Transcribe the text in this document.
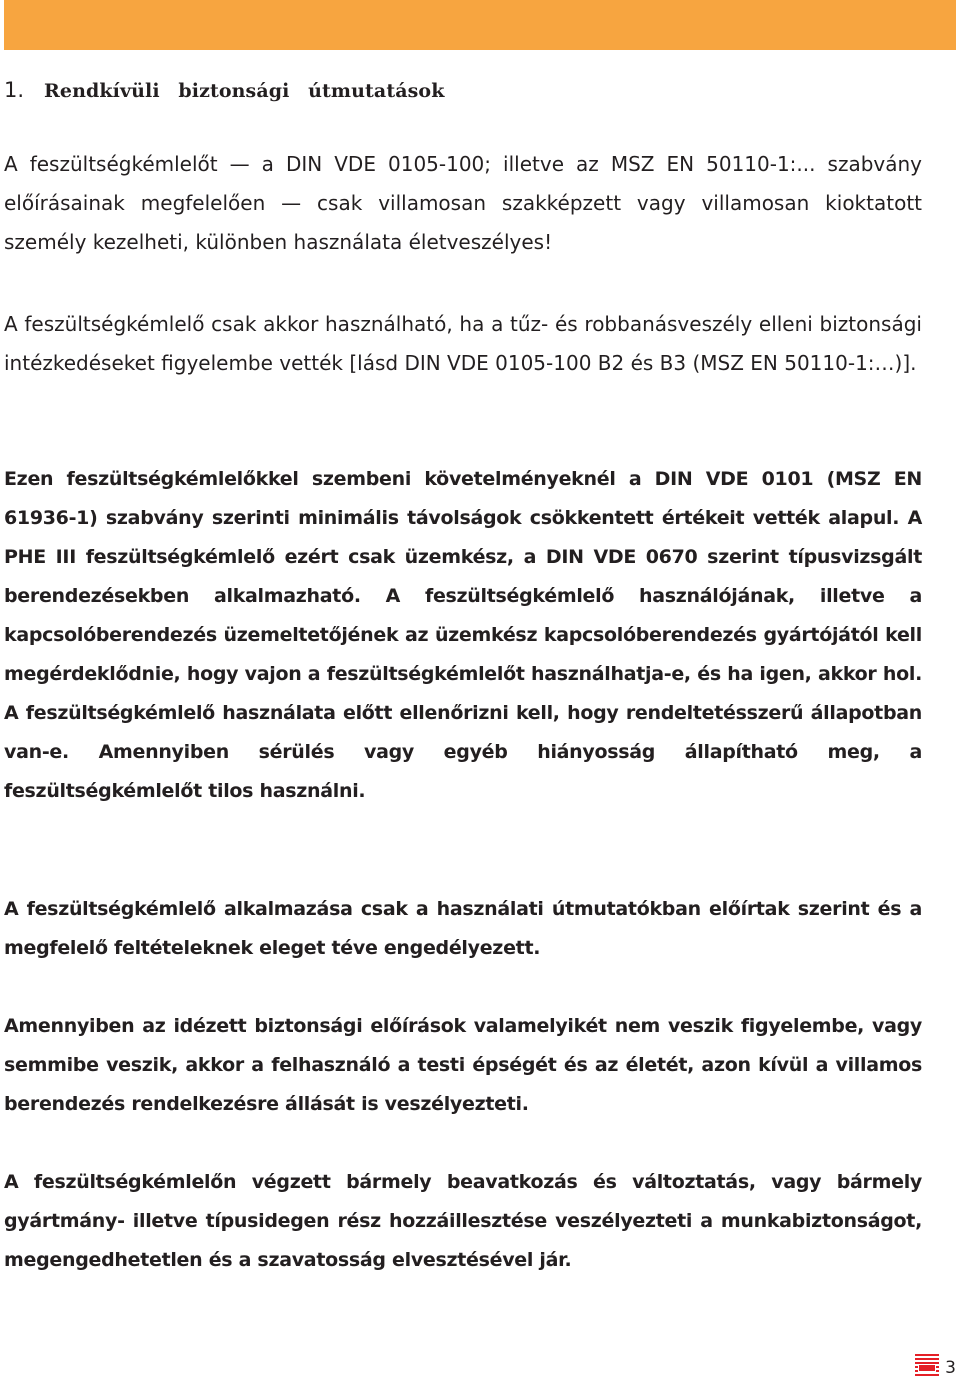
1. Rendkívüli biztonsági útmutatások

A feszültségkémlelőt — a DIN VDE 0105-100; illetve az MSZ EN 50110-1:... szabvány előírásainak megfelelően — csak villamosan szakképzett vagy villamosan kioktatott személy kezelheti, különben használata életveszélyes!

A feszültségkémlelő csak akkor használható, ha a tűz- és robbanásveszély elleni biztonsági intézkedéseket figyelembe vették [lásd DIN VDE 0105-100 B2 és B3 (MSZ EN 50110-1:…)].

Ezen feszültségkémlelőkkel szembeni követelményeknél a DIN VDE 0101 (MSZ EN 61936-1) szabvány szerinti minimális távolságok csökkentett értékeit vették alapul. A PHE III feszültségkémlelő ezért csak üzemkész, a DIN VDE 0670 szerint típusvizsgált berendezésekben alkalmazható. A feszültségkémlelő használójának, illetve a kapcsolóberendezés üzemeltetőjének az üzemkész kapcsolóberendezés gyártójától kell megérdeklődnie, hogy vajon a feszültségkémlelőt használhatja-e, és ha igen, akkor hol. A feszültségkémlelő használata előtt ellenőrizni kell, hogy rendeltetésszerű állapotban van-e. Amennyiben sérülés vagy egyéb hiányosság állapítható meg, a feszültségkémlelőt tilos használni.

A feszültségkémlelő alkalmazása csak a használati útmutatókban előírtak szerint és a megfelelő feltételeknek eleget téve engedélyezett.

Amennyiben az idézett biztonsági előírások valamelyikét nem veszik figyelembe, vagy semmibe veszik, akkor a felhasználó a testi épségét és az életét, azon kívül a villamos berendezés rendelkezésre állását is veszélyezteti.

A feszültségkémlelőn végzett bármely beavatkozás és változtatás, vagy bármely gyártmány- illetve típusidegen rész hozzáillesztése veszélyezteti a munkabiztonságot, megengedhetetlen és a szavatosság elvesztésével jár.

3
